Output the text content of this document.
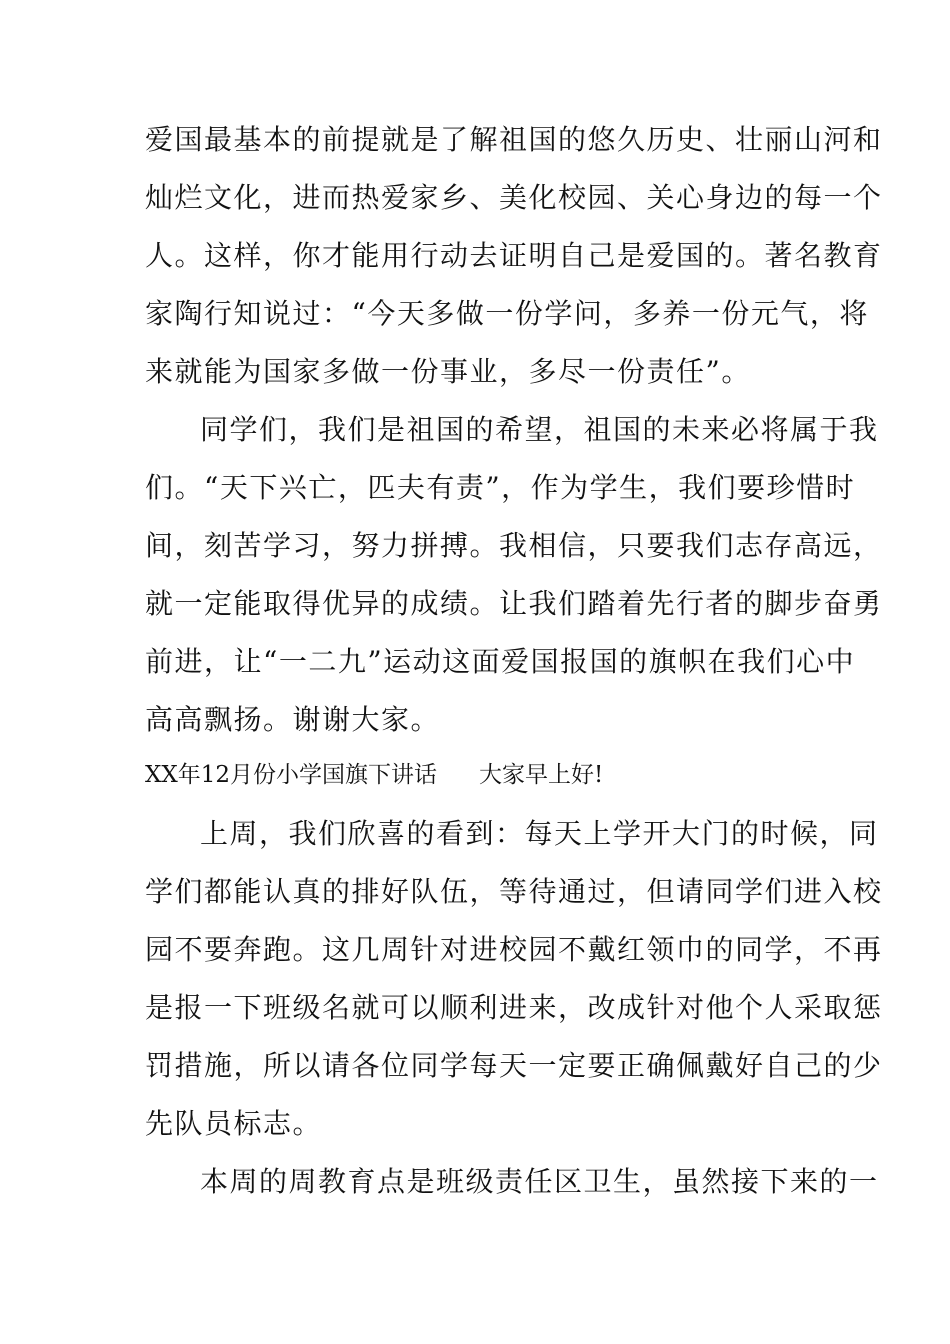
爱国最基本的前提就是了解祖国的悠久历史、壮丽山河和
灿烂文化，进而热爱家乡、美化校园、关心身边的每一个
人。这样，你才能用行动去证明自己是爱国的。著名教育
家陶行知说过：“今天多做一份学问，多养一份元气，将
来就能为国家多做一份事业，多尽一份责任”。
同学们，我们是祖国的希望，祖国的未来必将属于我
们。“天下兴亡，匹夫有责”，作为学生，我们要珍惜时
间，刻苦学习，努力拼搏。我相信，只要我们志存高远，
就一定能取得优异的成绩。让我们踏着先行者的脚步奋勇
前进，让“一二九”运动这面爱国报国的旗帜在我们心中
高高飘扬。谢谢大家。
XX年12月份小学国旗下讲话 大家早上好!
上周，我们欣喜的看到：每天上学开大门的时候，同
学们都能认真的排好队伍，等待通过，但请同学们进入校
园不要奔跑。这几周针对进校园不戴红领巾的同学，不再
是报一下班级名就可以顺利进来，改成针对他个人采取惩
罚措施，所以请各位同学每天一定要正确佩戴好自己的少
先队员标志。
本周的周教育点是班级责任区卫生，虽然接下来的一
